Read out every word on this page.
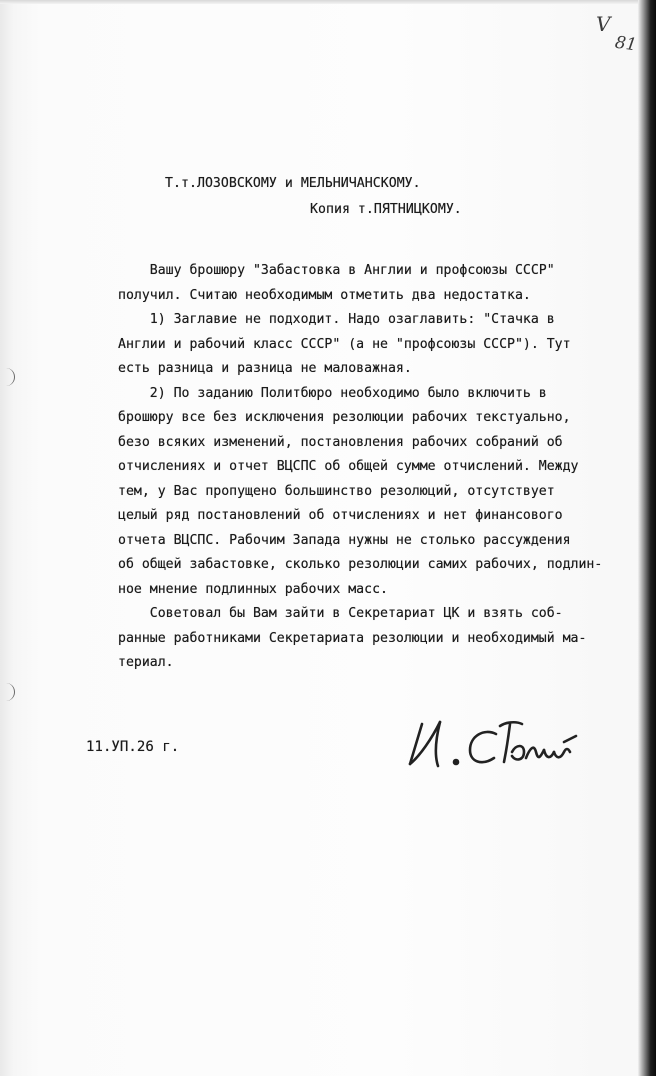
V
81
Т.т.ЛОЗОВСКОМУ и МЕЛЬНИЧАНСКОМУ.
Копия т.ПЯТНИЦКОМУ.
Вашу брошюру "Забастовка в Англии и профсоюзы СССР"
получил. Считаю необходимым отметить два недостатка.
1) Заглавие не подходит. Надо озаглавить: "Стачка в
Англии и рабочий класс СССР" (а не "профсоюзы СССР"). Тут
есть разница и разница не маловажная.
2) По заданию Политбюро необходимо было включить в
брошюру все без исключения резолюции рабочих текстуально,
безо всяких изменений, постановления рабочих собраний об
отчислениях и отчет ВЦСПС об общей сумме отчислений. Между
тем, у Вас пропущено большинство резолюций, отсутствует
целый ряд постановлений об отчислениях и нет финансового
отчета ВЦСПС. Рабочим Запада нужны не столько рассуждения
об общей забастовке, сколько резолюции самих рабочих, подлин-
ное мнение подлинных рабочих масс.
Советовал бы Вам зайти в Секретариат ЦК и взять соб-
ранные работниками Секретариата резолюции и необходимый ма-
териал.
11.УП.26 г.
